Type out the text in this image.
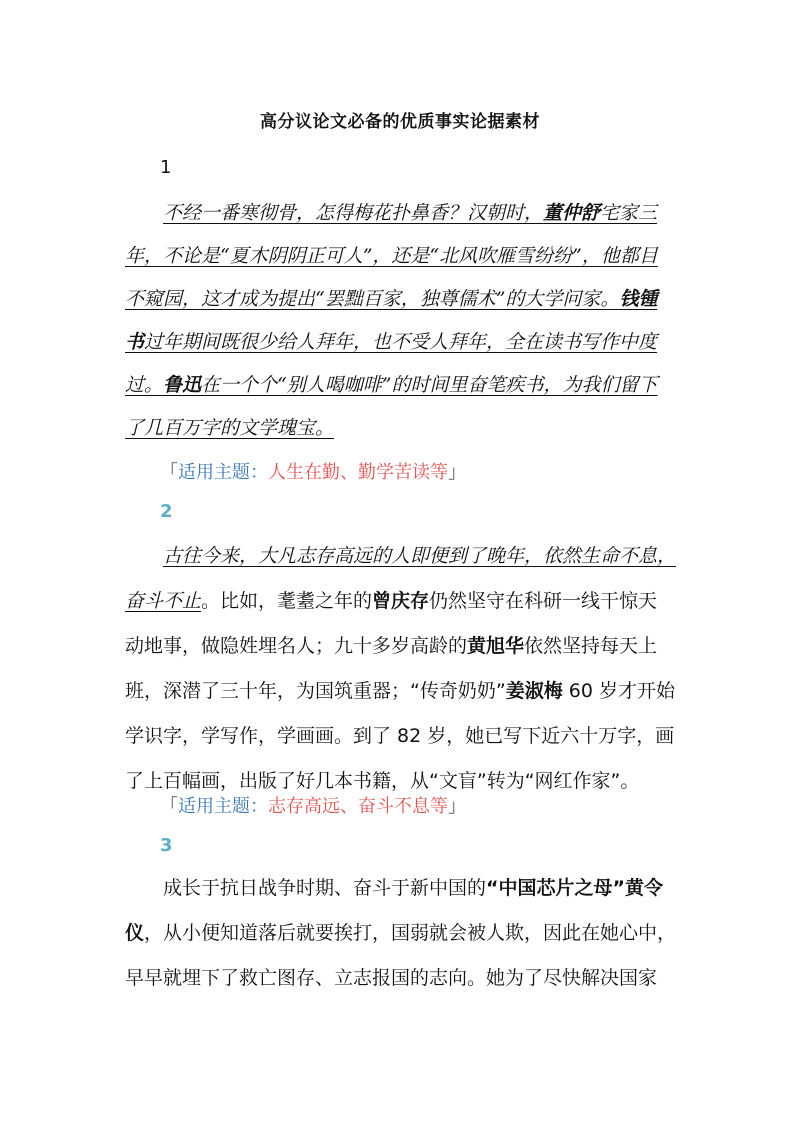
高分议论文必备的优质事实论据素材
1
不经一番寒彻骨，怎得梅花扑鼻香？汉朝时，董仲舒宅家三
年，不论是“夏木阴阴正可人”，还是“北风吹雁雪纷纷”，他都目
不窥园，这才成为提出“罢黜百家，独尊儒术”的大学问家。钱锺
书过年期间既很少给人拜年，也不受人拜年，全在读书写作中度
过。鲁迅在一个个“别人喝咖啡”的时间里奋笔疾书，为我们留下
了几百万字的文学瑰宝。
「适用主题：人生在勤、勤学苦读等」
2
古往今来，大凡志存高远的人即便到了晚年，依然生命不息，
奋斗不止。比如，耄耋之年的曾庆存仍然坚守在科研一线干惊天
动地事，做隐姓埋名人；九十多岁高龄的黄旭华依然坚持每天上
班，深潜了三十年，为国筑重器；“传奇奶奶”姜淑梅 60 岁才开始
学识字，学写作，学画画。到了 82 岁，她已写下近六十万字，画
了上百幅画，出版了好几本书籍，从“文盲”转为“网红作家”。
「适用主题：志存高远、奋斗不息等」
3
成长于抗日战争时期、奋斗于新中国的“中国芯片之母”黄令
仪，从小便知道落后就要挨打，国弱就会被人欺，因此在她心中，
早早就埋下了救亡图存、立志报国的志向。她为了尽快解决国家
